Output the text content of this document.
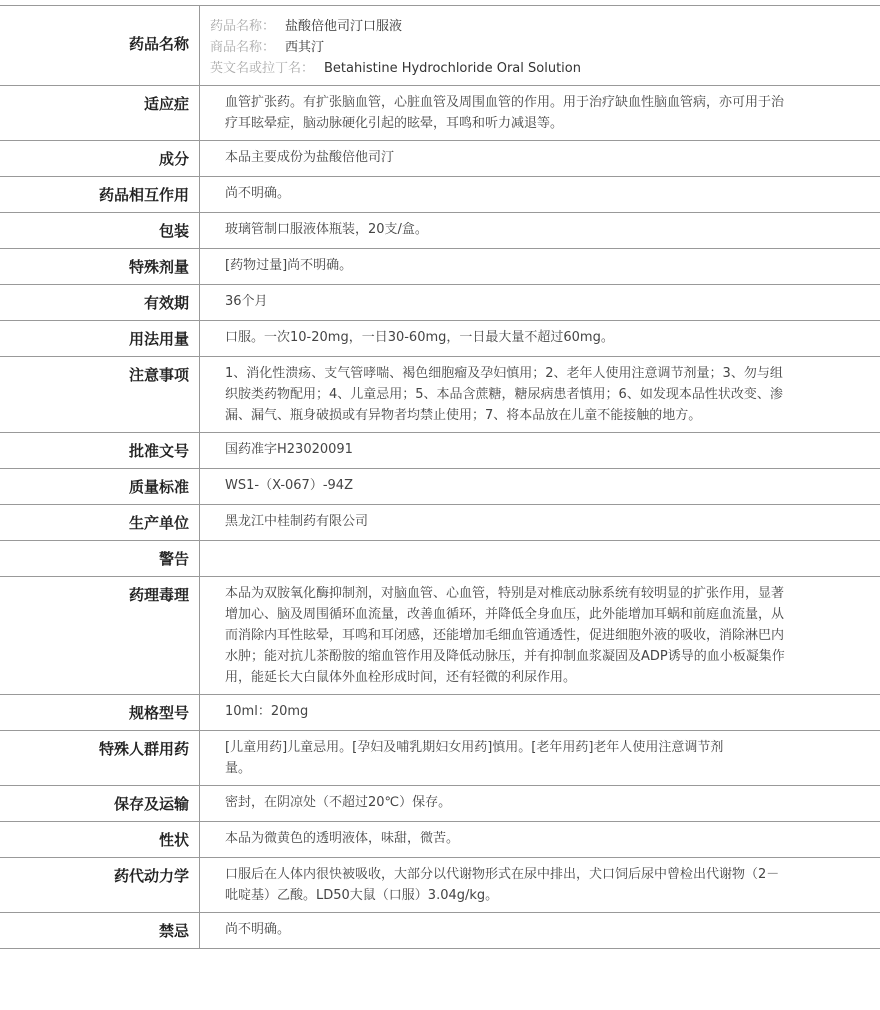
药品名称
药品名称： 盐酸倍他司汀口服液
商品名称： 西其汀
英文名或拉丁名： Betahistine Hydrochloride Oral Solution
适应症	血管扩张药。有扩张脑血管，心脏血管及周围血管的作用。用于治疗缺血性脑血管病，亦可用于治疗耳眩晕症，脑动脉硬化引起的眩晕，耳鸣和听力减退等。
成分	本品主要成份为盐酸倍他司汀
药品相互作用	尚不明确。
包装	玻璃管制口服液体瓶装，20支/盒。
特殊剂量	[药物过量]尚不明确。
有效期	36个月
用法用量	口服。一次10-20mg，一日30-60mg，一日最大量不超过60mg。
注意事项	1、消化性溃疡、支气管哮喘、褐色细胞瘤及孕妇慎用；2、老年人使用注意调节剂量；3、勿与组织胺类药物配用；4、儿童忌用；5、本品含蔗糖，糖尿病患者慎用；6、如发现本品性状改变、渗漏、漏气、瓶身破损或有异物者均禁止使用；7、将本品放在儿童不能接触的地方。
批准文号	国药准字H23020091
质量标准	WS1-（X-067）-94Z
生产单位	黑龙江中桂制药有限公司
警告
药理毒理	本品为双胺氧化酶抑制剂，对脑血管、心血管，特别是对椎底动脉系统有较明显的扩张作用，显著增加心、脑及周围循环血流量，改善血循环，并降低全身血压，此外能增加耳蜗和前庭血流量，从而消除内耳性眩晕，耳鸣和耳闭感，还能增加毛细血管通透性，促进细胞外液的吸收，消除淋巴内水肿；能对抗儿茶酚胺的缩血管作用及降低动脉压，并有抑制血浆凝固及ADP诱导的血小板凝集作用，能延长大白鼠体外血栓形成时间，还有轻微的利尿作用。
规格型号	10ml：20mg
特殊人群用药	[儿童用药]儿童忌用。[孕妇及哺乳期妇女用药]慎用。[老年用药]老年人使用注意调节剂量。
保存及运输	密封，在阴凉处（不超过20℃）保存。
性状	本品为微黄色的透明液体，味甜，微苦。
药代动力学	口服后在人体内很快被吸收，大部分以代谢物形式在尿中排出，犬口饲后尿中曾检出代谢物（2－吡啶基）乙酸。LD50大鼠（口服）3.04g/kg。
禁忌	尚不明确。
